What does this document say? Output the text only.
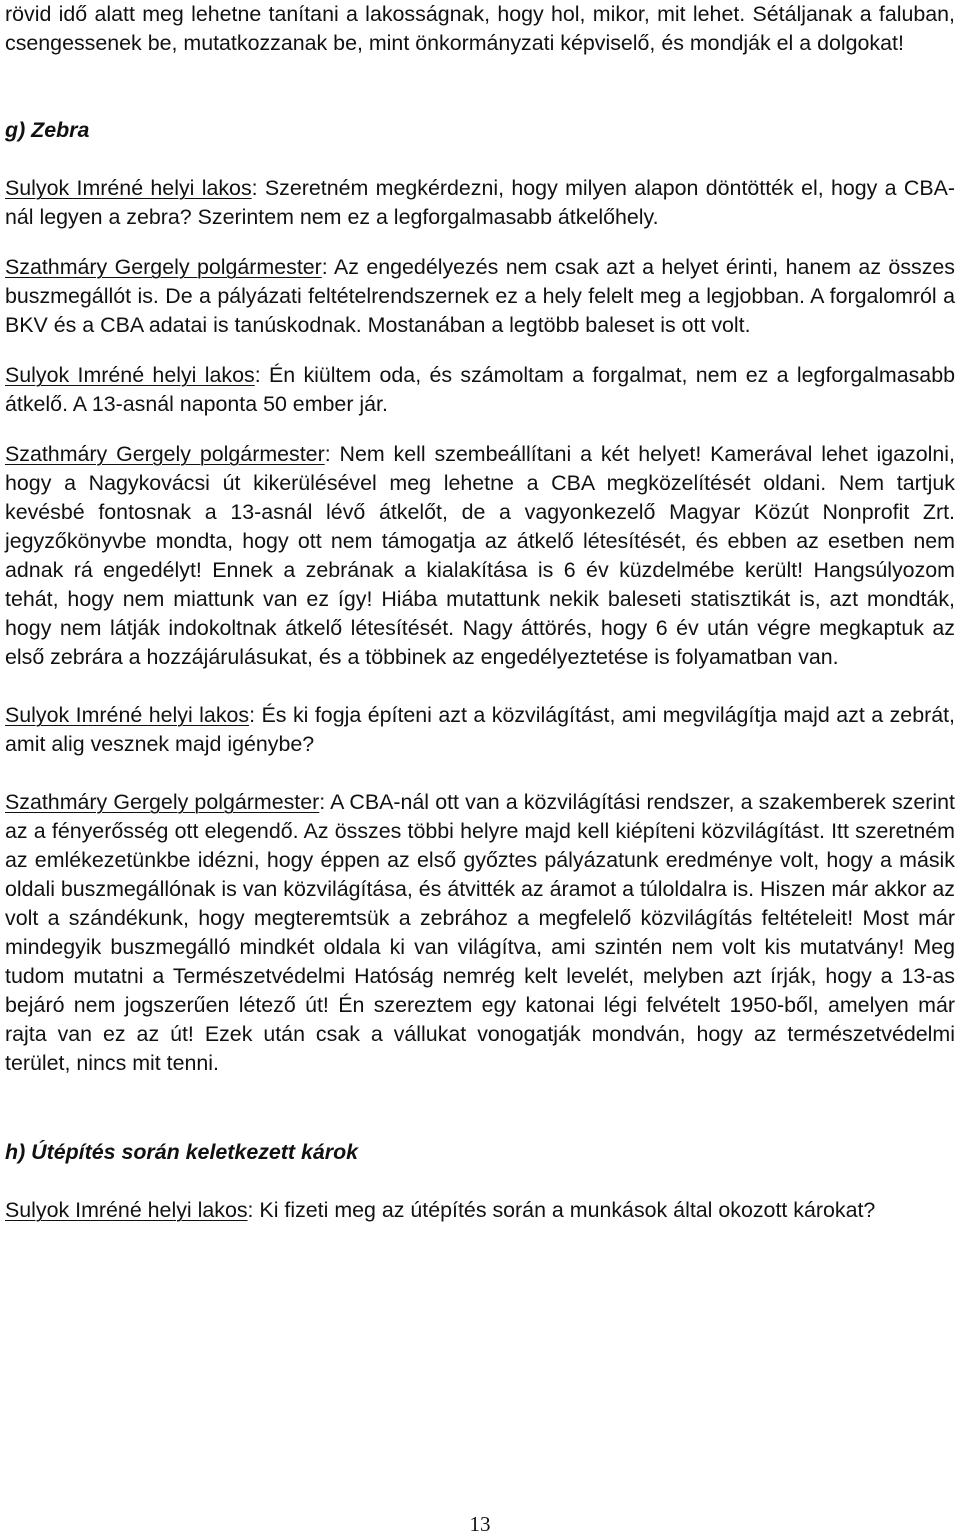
rövid idő alatt meg lehetne tanítani a lakosságnak, hogy hol, mikor, mit lehet. Sétáljanak a faluban, csengessenek be, mutatkozzanak be, mint önkormányzati képviselő, és mondják el a dolgokat!

g) Zebra

Sulyok Imréné helyi lakos: Szeretném megkérdezni, hogy milyen alapon döntötték el, hogy a CBA-nál legyen a zebra? Szerintem nem ez a legforgalmasabb átkelőhely.

Szathmáry Gergely polgármester: Az engedélyezés nem csak azt a helyet érinti, hanem az összes buszmegállót is. De a pályázati feltételrendszernek ez a hely felelt meg a legjobban. A forgalomról a BKV és a CBA adatai is tanúskodnak. Mostanában a legtöbb baleset is ott volt.

Sulyok Imréné helyi lakos: Én kiültem oda, és számoltam a forgalmat, nem ez a legforgalmasabb átkelő. A 13-asnál naponta 50 ember jár.

Szathmáry Gergely polgármester: Nem kell szembeállítani a két helyet! Kamerával lehet igazolni, hogy a Nagykovácsi út kikerülésével meg lehetne a CBA megközelítését oldani. Nem tartjuk kevésbé fontosnak a 13-asnál lévő átkelőt, de a vagyonkezelő Magyar Közút Nonprofit Zrt. jegyzőkönyvbe mondta, hogy ott nem támogatja az átkelő létesítését, és ebben az esetben nem adnak rá engedélyt! Ennek a zebrának a kialakítása is 6 év küzdelmébe került! Hangsúlyozom tehát, hogy nem miattunk van ez így! Hiába mutattunk nekik baleseti statisztikát is, azt mondták, hogy nem látják indokoltnak átkelő létesítését. Nagy áttörés, hogy 6 év után végre megkaptuk az első zebrára a hozzájárulásukat, és a többinek az engedélyeztetése is folyamatban van.

Sulyok Imréné helyi lakos: És ki fogja építeni azt a közvilágítást, ami megvilágítja majd azt a zebrát, amit alig vesznek majd igénybe?

Szathmáry Gergely polgármester: A CBA-nál ott van a közvilágítási rendszer, a szakemberek szerint az a fényerősség ott elegendő. Az összes többi helyre majd kell kiépíteni közvilágítást. Itt szeretném az emlékezetünkbe idézni, hogy éppen az első győztes pályázatunk eredménye volt, hogy a másik oldali buszmegállónak is van közvilágítása, és átvitték az áramot a túloldalra is. Hiszen már akkor az volt a szándékunk, hogy megteremtsük a zebrához a megfelelő közvilágítás feltételeit! Most már mindegyik buszmegálló mindkét oldala ki van világítva, ami szintén nem volt kis mutatvány! Meg tudom mutatni a Természetvédelmi Hatóság nemrég kelt levelét, melyben azt írják, hogy a 13-as bejáró nem jogszerűen létező út! Én szereztem egy katonai légi felvételt 1950-ből, amelyen már rajta van ez az út! Ezek után csak a vállukat vonogatják mondván, hogy az természetvédelmi terület, nincs mit tenni.

h) Útépítés során keletkezett károk

Sulyok Imréné helyi lakos: Ki fizeti meg az útépítés során a munkások által okozott károkat?

13
